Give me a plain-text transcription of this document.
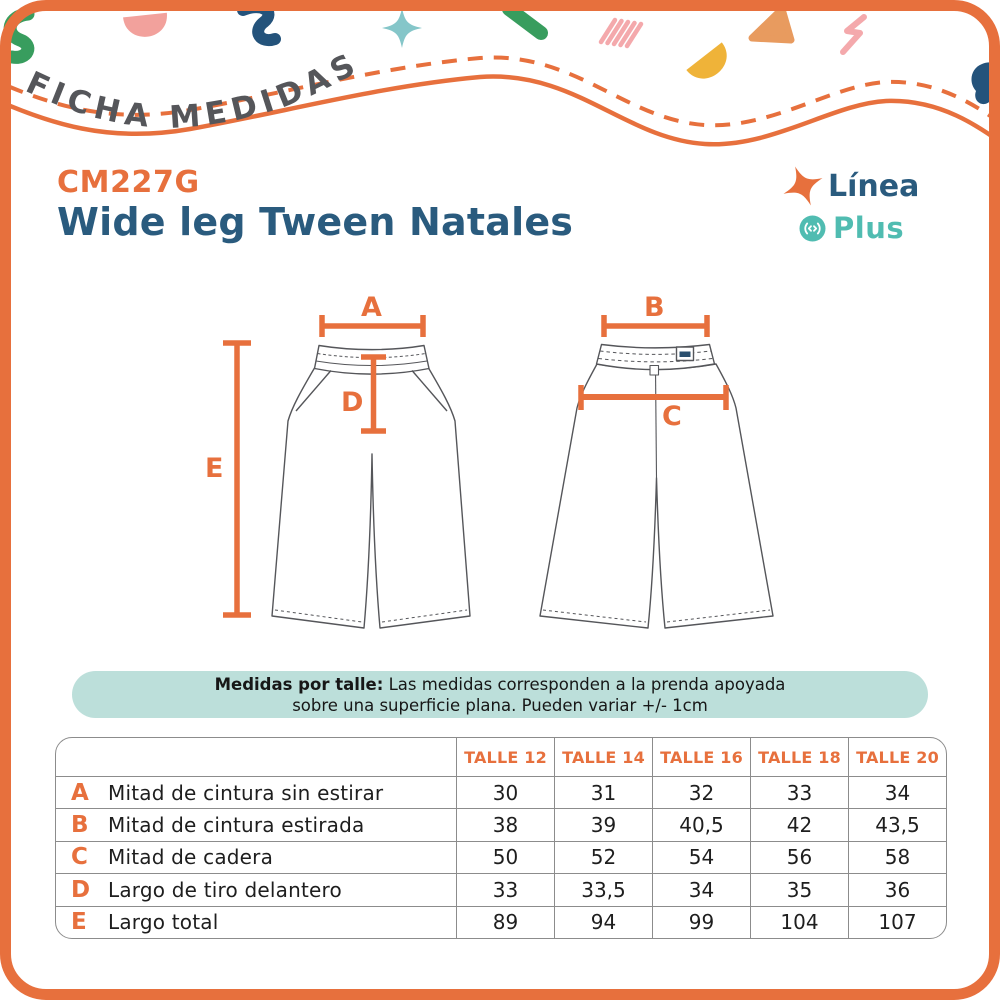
FICHA MEDIDAS
CM227G
Wide leg Tween Natales
Línea
Plus
A	B
C
D
E
Medidas por talle: Las medidas corresponden a la prenda apoyada
sobre una superficie plana. Pueden variar +/- 1cm
TALLE 12 TALLE 14 TALLE 16 TALLE 18 TALLE 20
A Mitad de cintura sin estirar	30	31	32	33	34
B Mitad de cintura estirada	38	39	40,5	42	43,5
C	Mitad de cadera	50	52	54	56	58
D Largo de tiro delantero	33	33,5	34	35	36
E	Largo total	89	94	99	104	107
